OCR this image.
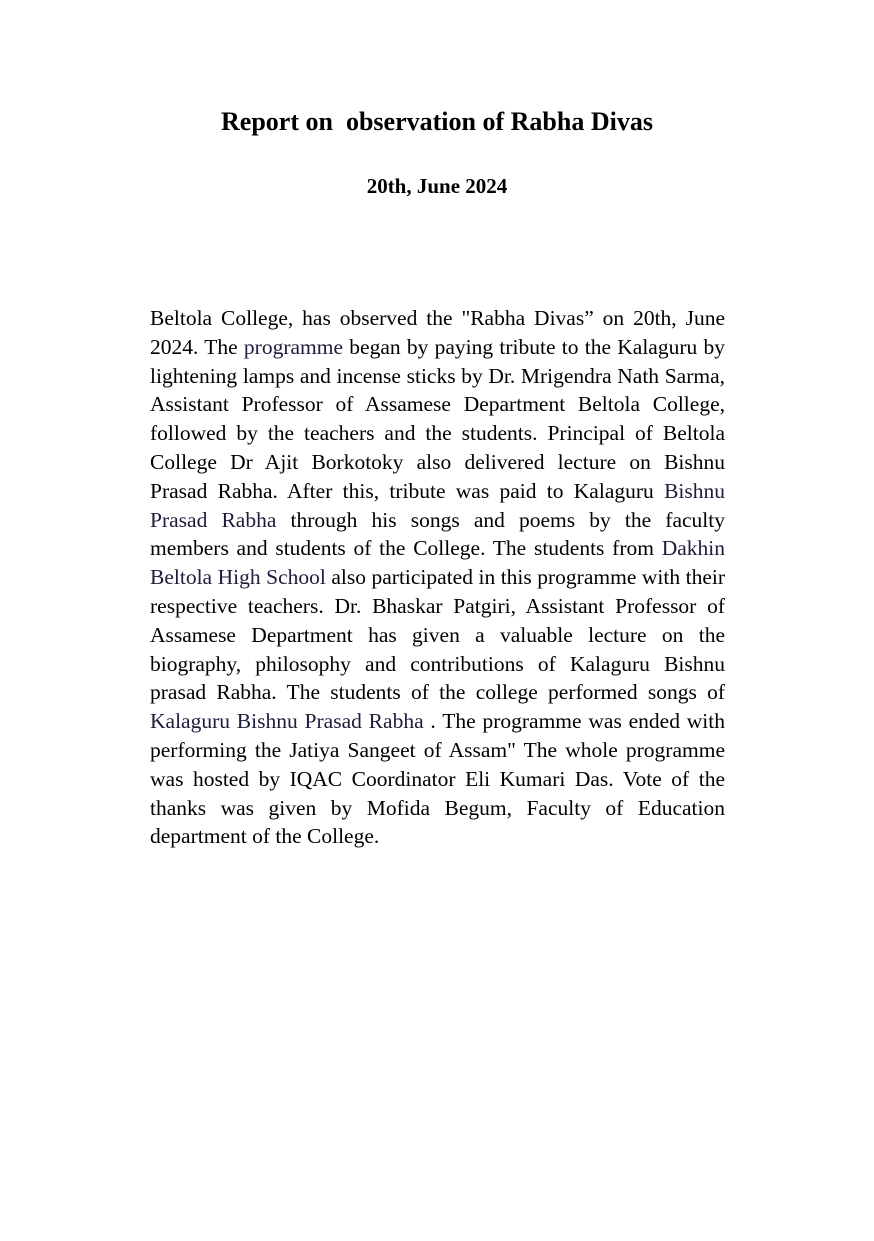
Report on  observation of Rabha Divas
20th, June 2024

Beltola College, has observed the "Rabha Divas” on 20th, June 2024. The programme began by paying tribute to the Kalaguru by lightening lamps and incense sticks by Dr. Mrigendra Nath Sarma, Assistant Professor of Assamese Department Beltola College, followed by the teachers and the students. Principal of Beltola College Dr Ajit Borkotoky also delivered lecture on Bishnu Prasad Rabha. After this, tribute was paid to Kalaguru Bishnu Prasad Rabha through his songs and poems by the faculty members and students of the College. The students from Dakhin Beltola High School also participated in this programme with their respective teachers. Dr. Bhaskar Patgiri, Assistant Professor of Assamese Department has given a valuable lecture on the biography, philosophy and contributions of Kalaguru Bishnu prasad Rabha. The students of the college performed songs of Kalaguru Bishnu Prasad Rabha . The programme was ended with performing the Jatiya Sangeet of Assam" The whole programme was hosted by IQAC Coordinator Eli Kumari Das. Vote of the thanks was given by Mofida Begum, Faculty of Education department of the College.
